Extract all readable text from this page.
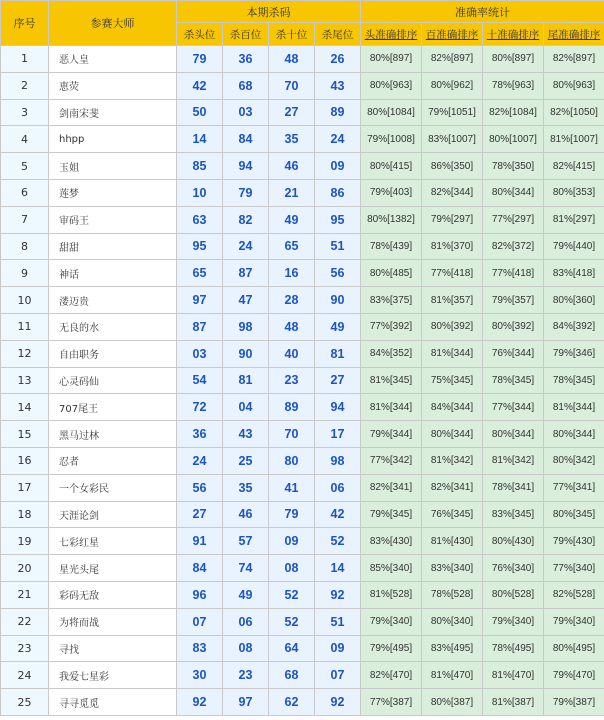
序号	参赛大师	本期杀码				准确率统计			
		杀头位	杀百位	杀十位	杀尾位	头准确排序	百准确排序	十准确排序	尾准确排序
1	恶人皇	79	36	48	26	80%[897]	82%[897]	80%[897]	82%[897]
2	恵荧	42	68	70	43	80%[963]	80%[962]	78%[963]	80%[963]
3	剑南宋斐	50	03	27	89	80%[1084]	79%[1051]	82%[1084]	82%[1050]
4	hhpp	14	84	35	24	79%[1008]	83%[1007]	80%[1007]	81%[1007]
5	玉姐	85	94	46	09	80%[415]	86%[350]	78%[350]	82%[415]
6	莲梦	10	79	21	86	79%[403]	82%[344]	80%[344]	80%[353]
7	审码王	63	82	49	95	80%[1382]	79%[297]	77%[297]	81%[297]
8	甜甜	95	24	65	51	78%[439]	81%[370]	82%[372]	79%[440]
9	神话	65	87	16	56	80%[485]	77%[418]	77%[418]	83%[418]
10	溇迈贵	97	47	28	90	83%[375]	81%[357]	79%[357]	80%[360]
11	无良的水	87	98	48	49	77%[392]	80%[392]	80%[392]	84%[392]
12	自由职务	03	90	40	81	84%[352]	81%[344]	76%[344]	79%[346]
13	心灵码仙	54	81	23	27	81%[345]	75%[345]	78%[345]	78%[345]
14	707尾王	72	04	89	94	81%[344]	84%[344]	77%[344]	81%[344]
15	黑马过林	36	43	70	17	79%[344]	80%[344]	80%[344]	80%[344]
16	忍者	24	25	80	98	77%[342]	81%[342]	81%[342]	80%[342]
17	一个女彩民	56	35	41	06	82%[341]	82%[341]	78%[341]	77%[341]
18	天涯论剑	27	46	79	42	79%[345]	76%[345]	83%[345]	80%[345]
19	七彩红星	91	57	09	52	83%[430]	81%[430]	80%[430]	79%[430]
20	星光头尾	84	74	08	14	85%[340]	83%[340]	76%[340]	77%[340]
21	彩码无敌	96	49	52	92	81%[528]	78%[528]	80%[528]	82%[528]
22	为将而战	07	06	52	51	79%[340]	80%[340]	79%[340]	79%[340]
23	寻找	83	08	64	09	79%[495]	83%[495]	78%[495]	80%[495]
24	我爱七星彩	30	23	68	07	82%[470]	81%[470]	81%[470]	79%[470]
25	寻寻觅觅	92	97	62	92	77%[387]	80%[387]	81%[387]	79%[387]
